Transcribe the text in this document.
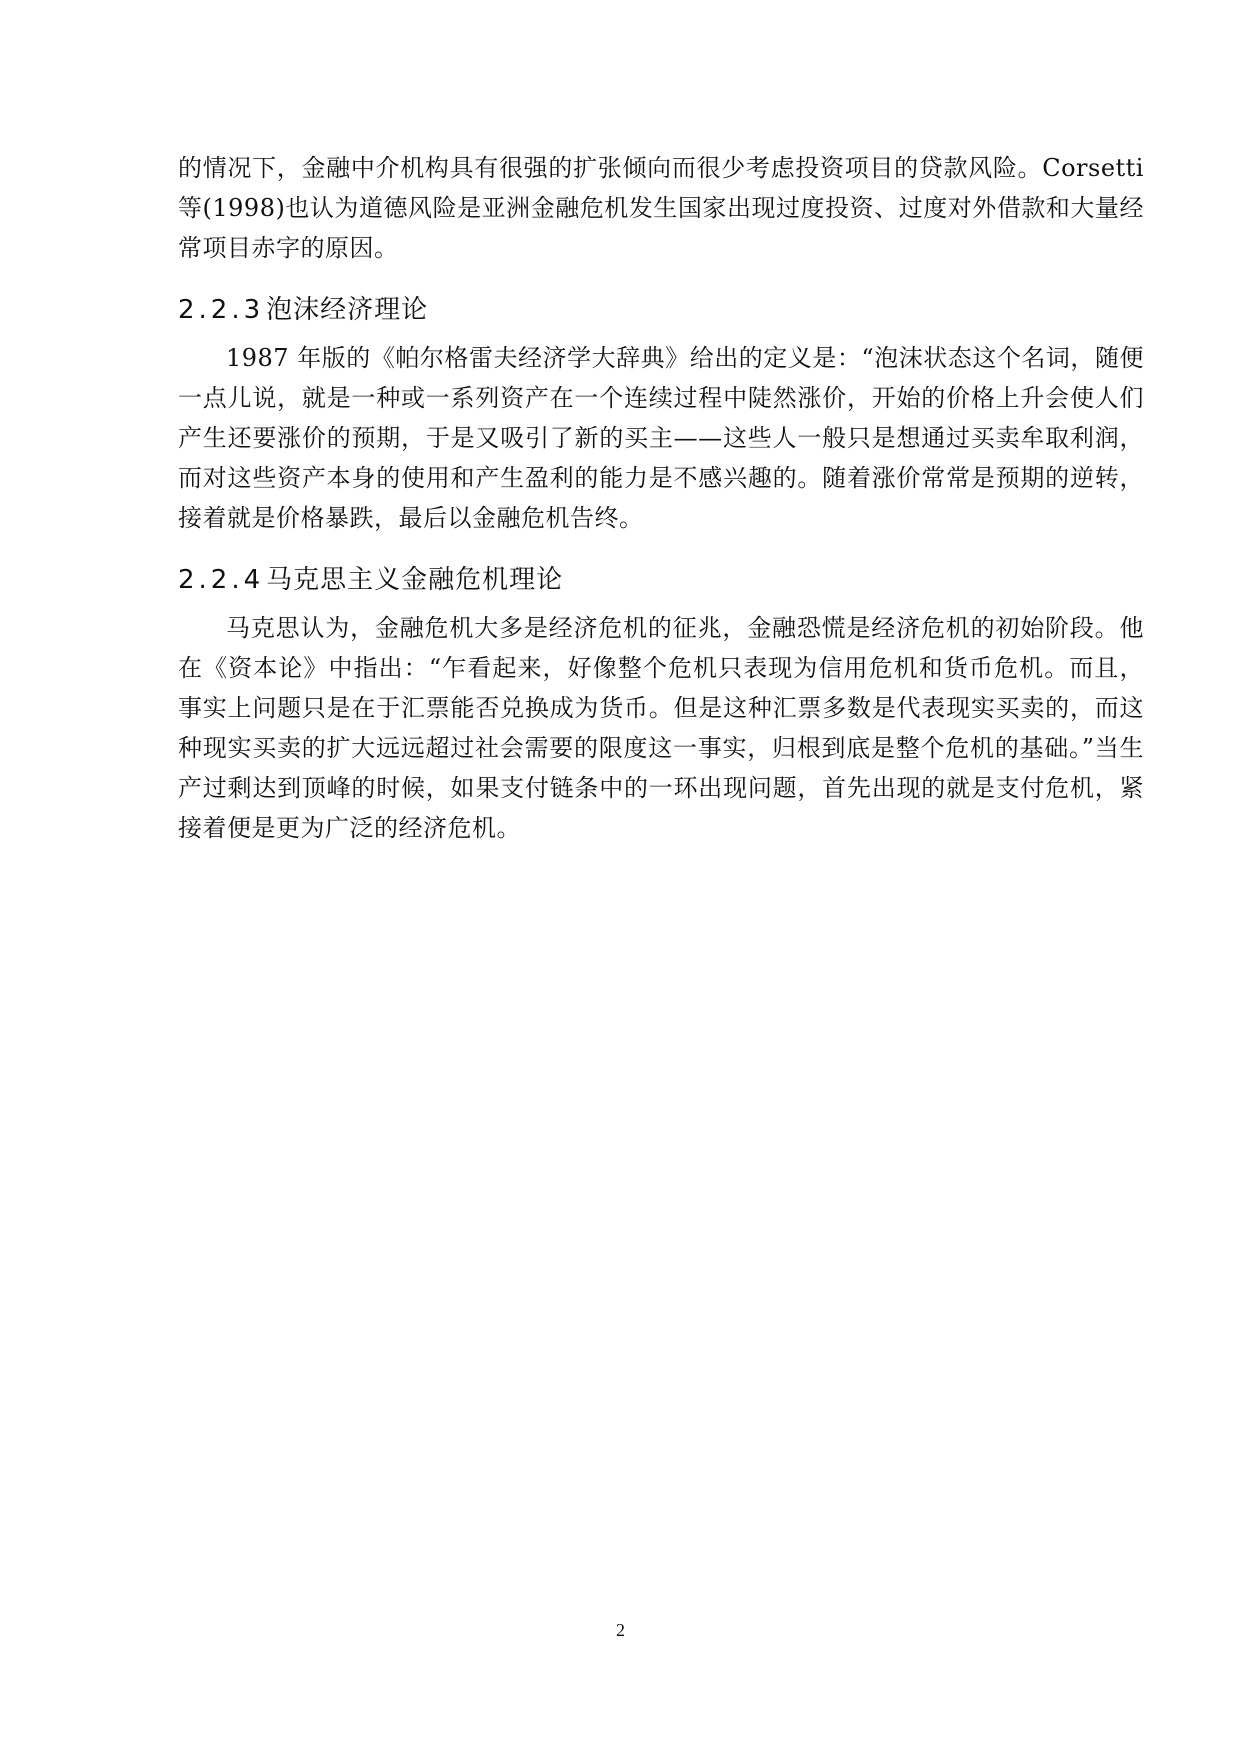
的情况下，金融中介机构具有很强的扩张倾向而很少考虑投资项目的贷款风险。Corsetti 等(1998)也认为道德风险是亚洲金融危机发生国家出现过度投资、过度对外借款和大量经常项目赤字的原因。

2.2.3泡沫经济理论

1987 年版的《帕尔格雷夫经济学大辞典》给出的定义是：“泡沫状态这个名词，随便一点儿说，就是一种或一系列资产在一个连续过程中陡然涨价，开始的价格上升会使人们产生还要涨价的预期，于是又吸引了新的买主——这些人一般只是想通过买卖牟取利润，而对这些资产本身的使用和产生盈利的能力是不感兴趣的。随着涨价常常是预期的逆转，接着就是价格暴跌，最后以金融危机告终。

2.2.4马克思主义金融危机理论

马克思认为，金融危机大多是经济危机的征兆，金融恐慌是经济危机的初始阶段。他在《资本论》中指出：“乍看起来，好像整个危机只表现为信用危机和货币危机。而且，事实上问题只是在于汇票能否兑换成为货币。但是这种汇票多数是代表现实买卖的，而这种现实买卖的扩大远远超过社会需要的限度这一事实，归根到底是整个危机的基础。”当生产过剩达到顶峰的时候，如果支付链条中的一环出现问题，首先出现的就是支付危机，紧接着便是更为广泛的经济危机。

2
